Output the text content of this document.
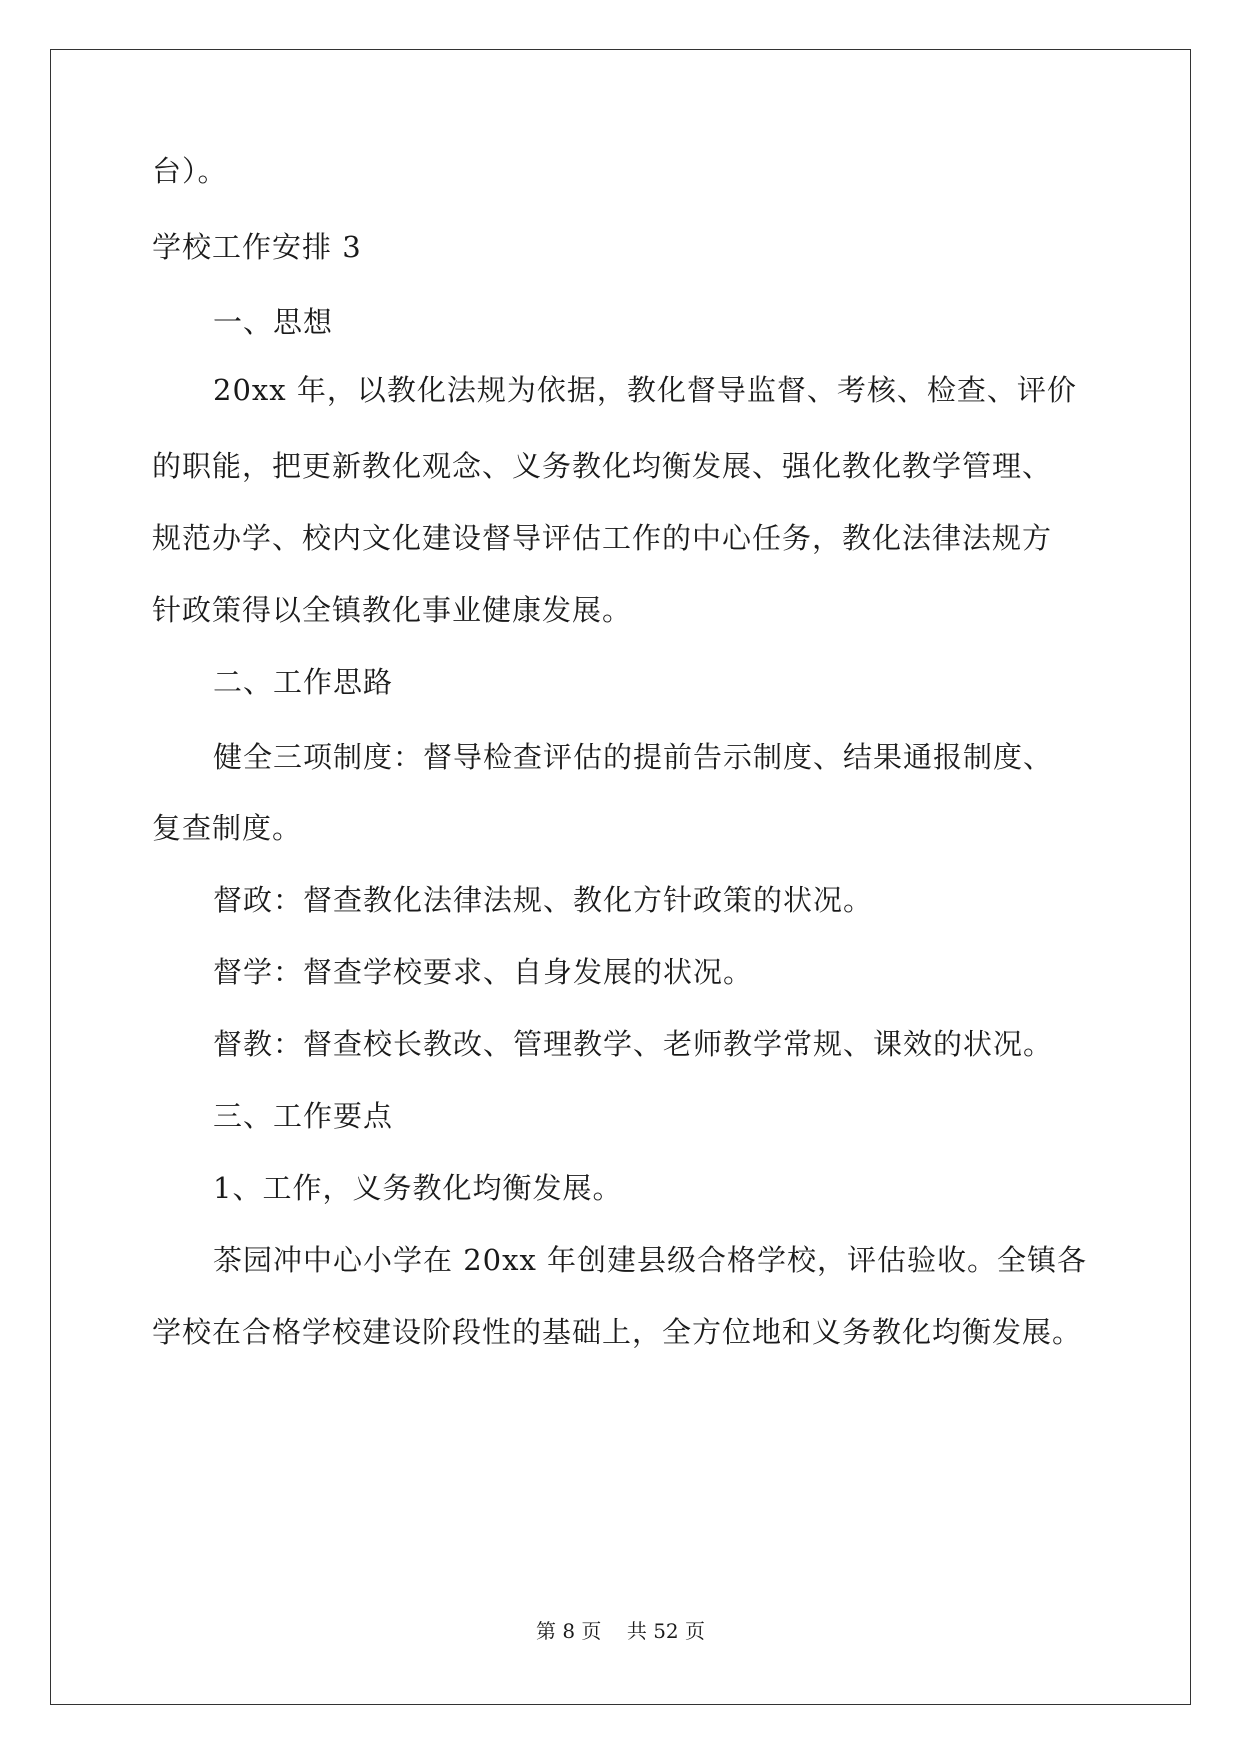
台）。
学校工作安排 3
一、思想
20xx 年，以教化法规为依据，教化督导监督、考核、检查、评价
的职能，把更新教化观念、义务教化均衡发展、强化教化教学管理、
规范办学、校内文化建设督导评估工作的中心任务，教化法律法规方
针政策得以全镇教化事业健康发展。
二、工作思路
健全三项制度：督导检查评估的提前告示制度、结果通报制度、
复查制度。
督政：督查教化法律法规、教化方针政策的状况。
督学：督查学校要求、自身发展的状况。
督教：督查校长教改、管理教学、老师教学常规、课效的状况。
三、工作要点
1、工作，义务教化均衡发展。
茶园冲中心小学在 20xx 年创建县级合格学校，评估验收。全镇各
学校在合格学校建设阶段性的基础上，全方位地和义务教化均衡发展。
第 8 页    共 52 页
